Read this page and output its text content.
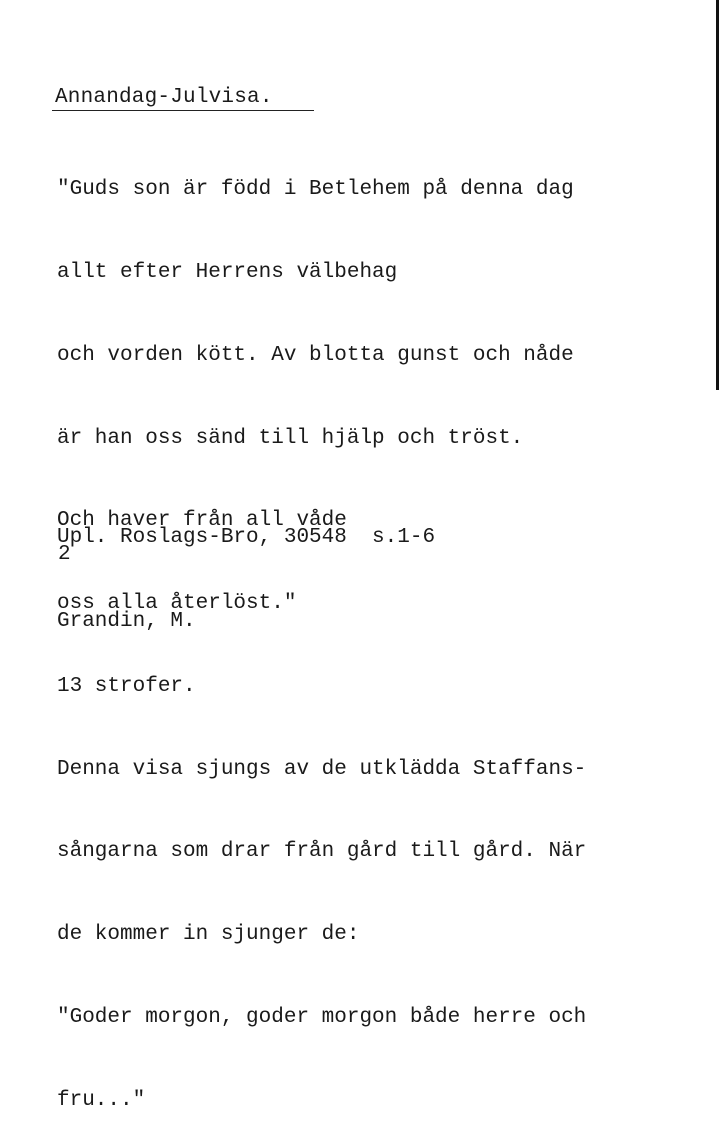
Annandag-Julvisa.

"Guds son är född i Betlehem på denna dag

allt efter Herrens välbehag

och vorden kött. Av blotta gunst och nåde

är han oss sänd till hjälp och tröst.

Och haver från all våde

oss alla återlöst."

13 strofer.

Denna visa sjungs av de utklädda Staffans-

sångarna som drar från gård till gård. När

de kommer in sjunger de:

"Goder morgon, goder morgon både herre och

fru..."

Upl. Roslags-Bro, 30548  s.1-6

Grandin, M.

2
